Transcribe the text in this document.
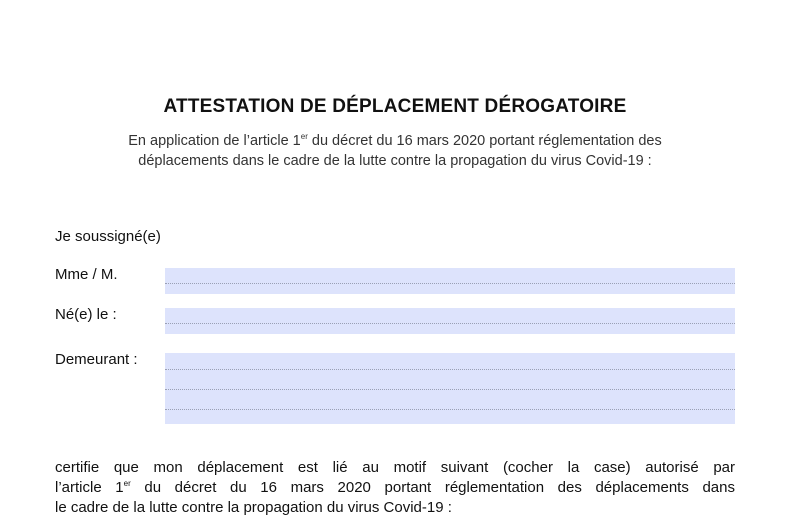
ATTESTATION DE DÉPLACEMENT DÉROGATOIRE
En application de l’article 1er du décret du 16 mars 2020 portant réglementation des
déplacements dans le cadre de la lutte contre la propagation du virus Covid-19 :
Je soussigné(e)
Mme / M.
Né(e) le :
Demeurant :
certifie que mon déplacement est lié au motif suivant (cocher la case) autorisé par
l’article 1er du décret du 16 mars 2020 portant réglementation des déplacements dans
le cadre de la lutte contre la propagation du virus Covid-19 :
